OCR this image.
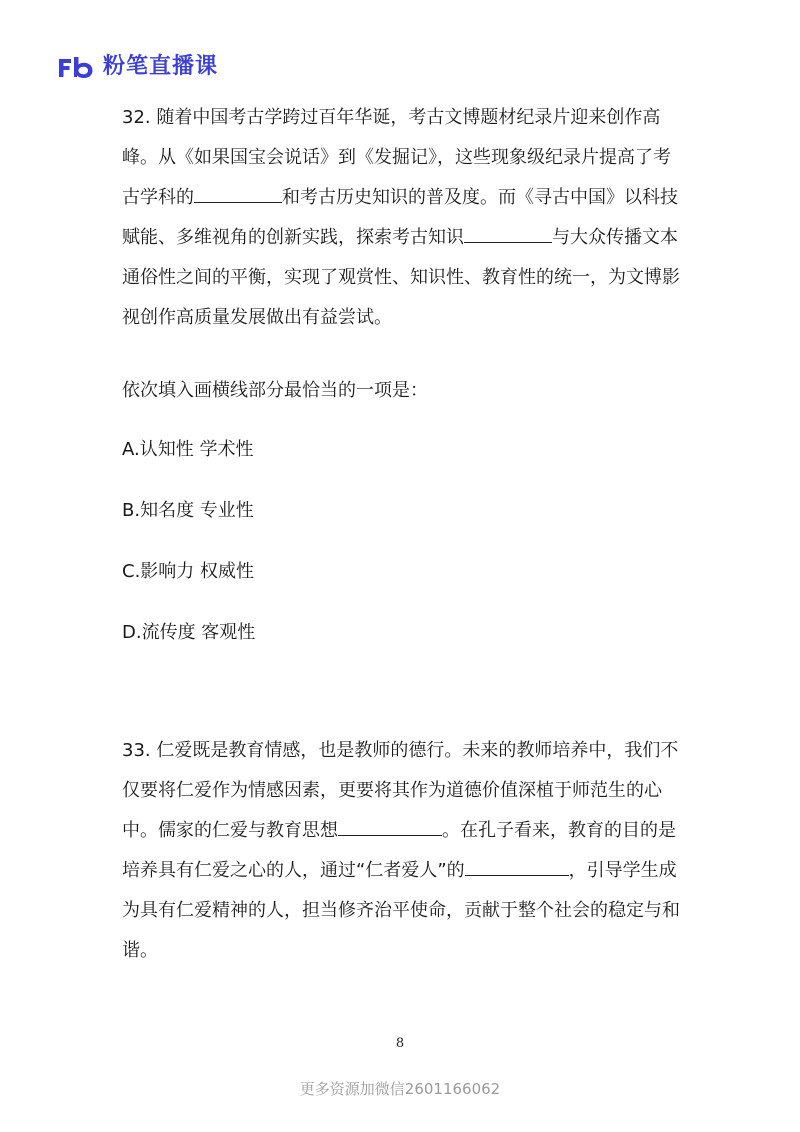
粉笔直播课
32. 随着中国考古学跨过百年华诞，考古文博题材纪录片迎来创作高峰。从《如果国宝会说话》到《发掘记》，这些现象级纪录片提高了考古学科的	和考古历史知识的普及度。而《寻古中国》以科技赋能、多维视角的创新实践，探索考古知识	与大众传播文本通俗性之间的平衡，实现了观赏性、知识性、教育性的统一，为文博影视创作高质量发展做出有益尝试。
依次填入画横线部分最恰当的一项是：
A.认知性 学术性
B.知名度 专业性
C.影响力 权威性
D.流传度 客观性
33. 仁爱既是教育情感，也是教师的德行。未来的教师培养中，我们不仅要将仁爱作为情感因素，更要将其作为道德价值深植于师范生的心中。儒家的仁爱与教育思想	。在孔子看来，教育的目的是培养具有仁爱之心的人，通过“仁者爱人”的	，引导学生成为具有仁爱精神的人，担当修齐治平使命，贡献于整个社会的稳定与和谐。
8
更多资源加微信2601166062
